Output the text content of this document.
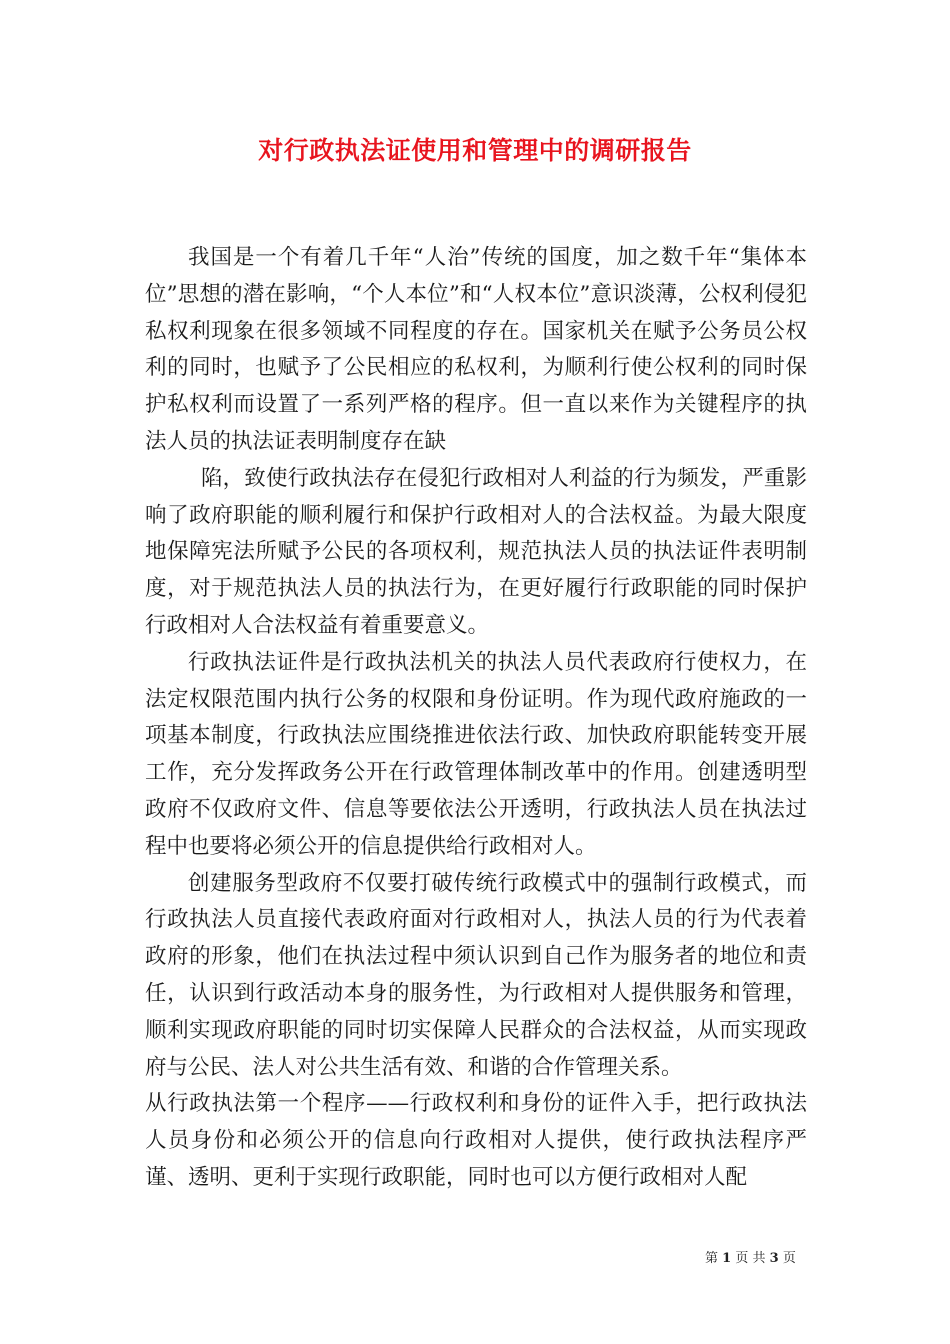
对行政执法证使用和管理中的调研报告

我国是一个有着几千年“人治”传统的国度，加之数千年“集体本位”思想的潜在影响，“个人本位”和“人权本位”意识淡薄，公权利侵犯私权利现象在很多领域不同程度的存在。国家机关在赋予公务员公权利的同时，也赋予了公民相应的私权利，为顺利行使公权利的同时保护私权利而设置了一系列严格的程序。但一直以来作为关键程序的执法人员的执法证表明制度存在缺

陷，致使行政执法存在侵犯行政相对人利益的行为频发，严重影响了政府职能的顺利履行和保护行政相对人的合法权益。为最大限度地保障宪法所赋予公民的各项权利，规范执法人员的执法证件表明制度，对于规范执法人员的执法行为，在更好履行行政职能的同时保护行政相对人合法权益有着重要意义。

行政执法证件是行政执法机关的执法人员代表政府行使权力，在法定权限范围内执行公务的权限和身份证明。作为现代政府施政的一项基本制度，行政执法应围绕推进依法行政、加快政府职能转变开展工作，充分发挥政务公开在行政管理体制改革中的作用。创建透明型政府不仅政府文件、信息等要依法公开透明，行政执法人员在执法过程中也要将必须公开的信息提供给行政相对人。

创建服务型政府不仅要打破传统行政模式中的强制行政模式，而行政执法人员直接代表政府面对行政相对人，执法人员的行为代表着政府的形象，他们在执法过程中须认识到自己作为服务者的地位和责任，认识到行政活动本身的服务性，为行政相对人提供服务和管理，顺利实现政府职能的同时切实保障人民群众的合法权益，从而实现政府与公民、法人对公共生活有效、和谐的合作管理关系。

从行政执法第一个程序——行政权利和身份的证件入手，把行政执法人员身份和必须公开的信息向行政相对人提供，使行政执法程序严谨、透明、更利于实现行政职能，同时也可以方便行政相对人配

第 1 页 共 3 页
